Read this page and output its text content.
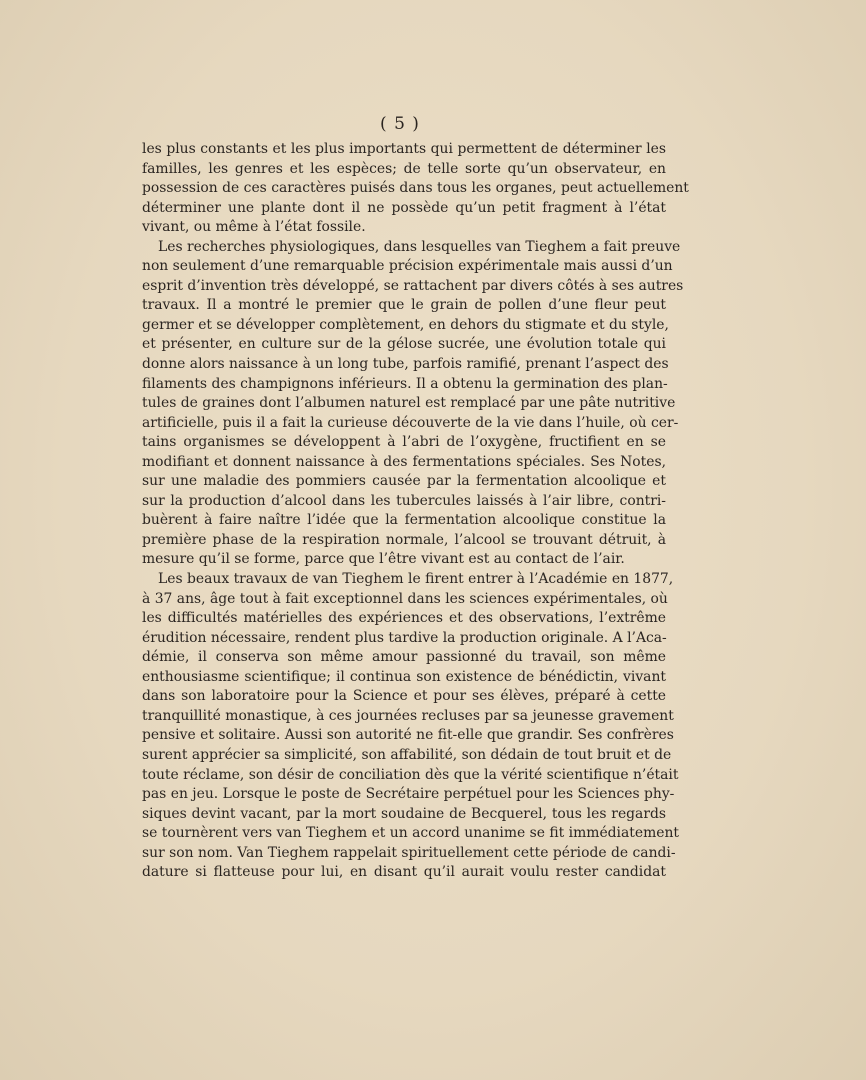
( 5 )
les plus constants et les plus importants qui permettent de déterminer les
familles, les genres et les espèces; de telle sorte qu’un observateur, en
possession de ces caractères puisés dans tous les organes, peut actuellement
déterminer une plante dont il ne possède qu’un petit fragment à l’état
vivant, ou même à l’état fossile.
Les recherches physiologiques, dans lesquelles van Tieghem a fait preuve
non seulement d’une remarquable précision expérimentale mais aussi d’un
esprit d’invention très développé, se rattachent par divers côtés à ses autres
travaux. Il a montré le premier que le grain de pollen d’une fleur peut
germer et se développer complètement, en dehors du stigmate et du style,
et présenter, en culture sur de la gélose sucrée, une évolution totale qui
donne alors naissance à un long tube, parfois ramifié, prenant l’aspect des
filaments des champignons inférieurs. Il a obtenu la germination des plan-
tules de graines dont l’albumen naturel est remplacé par une pâte nutritive
artificielle, puis il a fait la curieuse découverte de la vie dans l’huile, où cer-
tains organismes se développent à l’abri de l’oxygène, fructifient en se
modifiant et donnent naissance à des fermentations spéciales. Ses Notes,
sur une maladie des pommiers causée par la fermentation alcoolique et
sur la production d’alcool dans les tubercules laissés à l’air libre, contri-
buèrent à faire naître l’idée que la fermentation alcoolique constitue la
première phase de la respiration normale, l’alcool se trouvant détruit, à
mesure qu’il se forme, parce que l’être vivant est au contact de l’air.
Les beaux travaux de van Tieghem le firent entrer à l’Académie en 1877,
à 37 ans, âge tout à fait exceptionnel dans les sciences expérimentales, où
les difficultés matérielles des expériences et des observations, l’extrême
érudition nécessaire, rendent plus tardive la production originale. A l’Aca-
démie, il conserva son même amour passionné du travail, son même
enthousiasme scientifique; il continua son existence de bénédictin, vivant
dans son laboratoire pour la Science et pour ses élèves, préparé à cette
tranquillité monastique, à ces journées recluses par sa jeunesse gravement
pensive et solitaire. Aussi son autorité ne fit-elle que grandir. Ses confrères
surent apprécier sa simplicité, son affabilité, son dédain de tout bruit et de
toute réclame, son désir de conciliation dès que la vérité scientifique n’était
pas en jeu. Lorsque le poste de Secrétaire perpétuel pour les Sciences phy-
siques devint vacant, par la mort soudaine de Becquerel, tous les regards
se tournèrent vers van Tieghem et un accord unanime se fit immédiatement
sur son nom. Van Tieghem rappelait spirituellement cette période de candi-
dature si flatteuse pour lui, en disant qu’il aurait voulu rester candidat
